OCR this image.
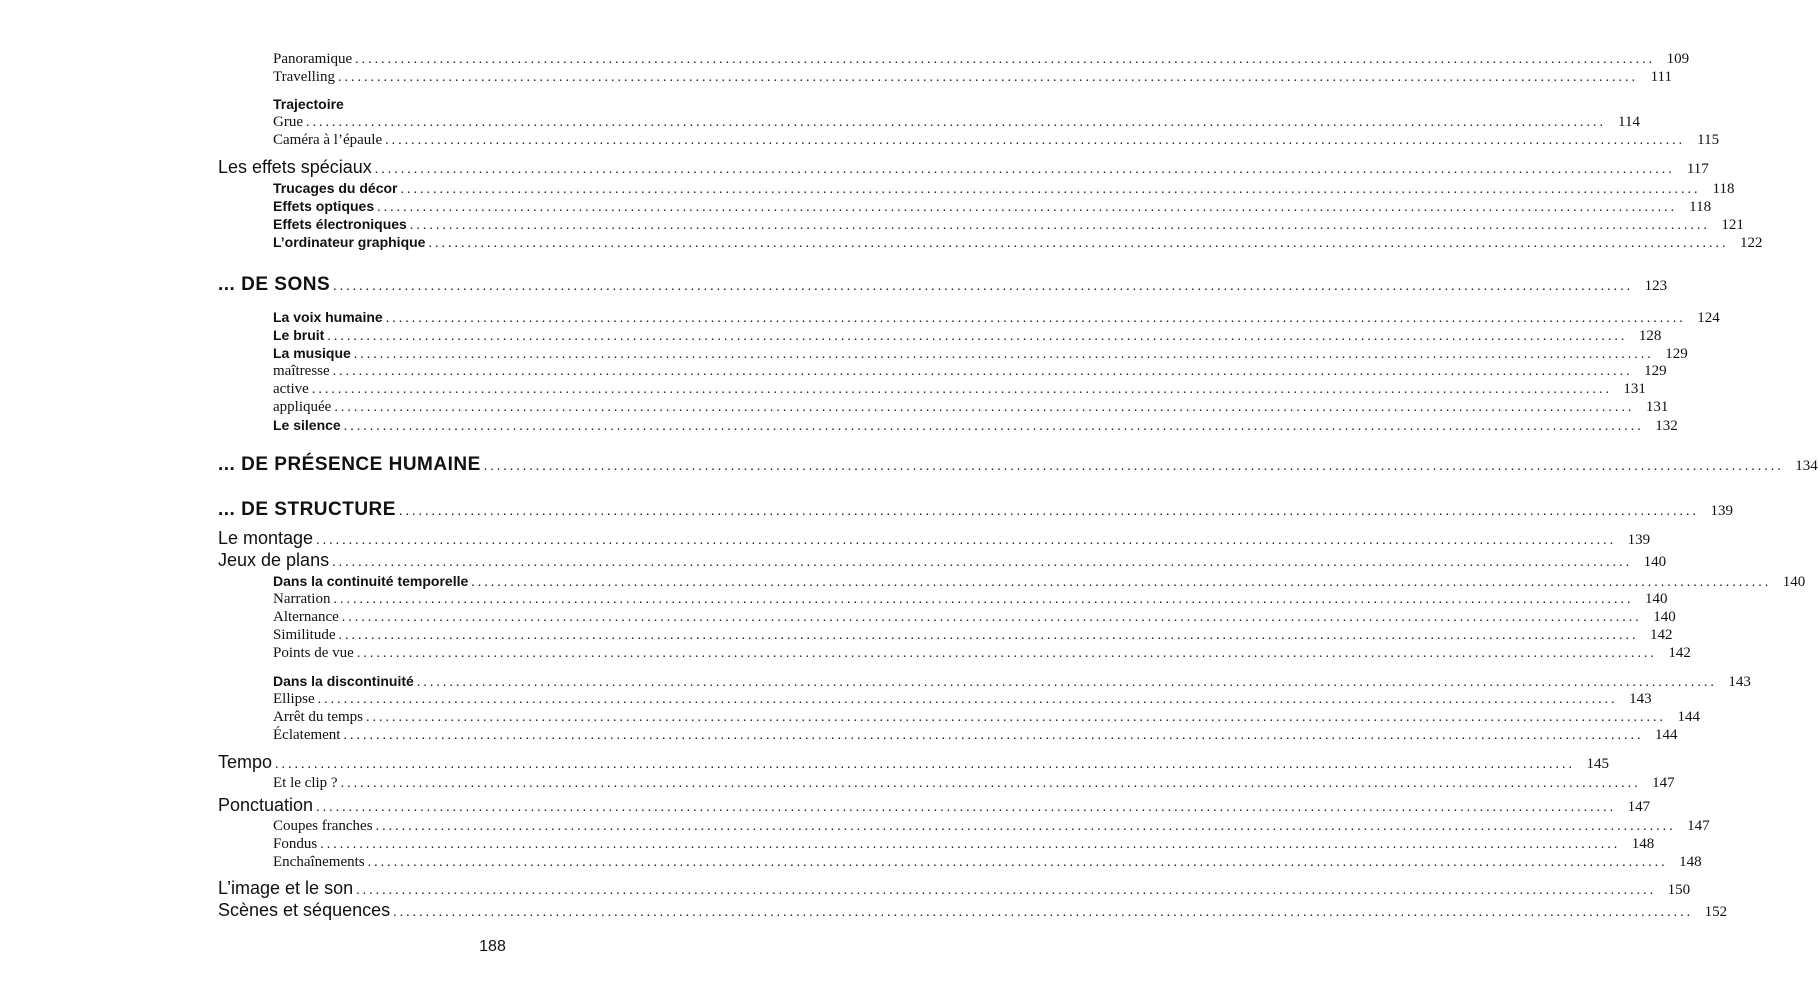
Panoramique ........................................................................................................................................................................................................ 109
Travelling ........................................................................................................................................................................................................ 111
Trajectoire
Grue ........................................................................................................................................................................................................ 114
Caméra à l’épaule ........................................................................................................................................................................................................ 115
Les effets spéciaux ........................................................................................................................................................................................................ 117
Trucages du décor ........................................................................................................................................................................................................ 118
Effets optiques ........................................................................................................................................................................................................ 118
Effets électroniques ........................................................................................................................................................................................................ 121
L’ordinateur graphique ........................................................................................................................................................................................................ 122
... DE SONS ........................................................................................................................................................................................................ 123
La voix humaine ........................................................................................................................................................................................................ 124
Le bruit ........................................................................................................................................................................................................ 128
La musique ........................................................................................................................................................................................................ 129
maîtresse ........................................................................................................................................................................................................ 129
active ........................................................................................................................................................................................................ 131
appliquée ........................................................................................................................................................................................................ 131
Le silence ........................................................................................................................................................................................................ 132
... DE PRÉSENCE HUMAINE ........................................................................................................................................................................................................ 134
... DE STRUCTURE ........................................................................................................................................................................................................ 139
Le montage ........................................................................................................................................................................................................ 139
Jeux de plans ........................................................................................................................................................................................................ 140
Dans la continuité temporelle ........................................................................................................................................................................................................ 140
Narration ........................................................................................................................................................................................................ 140
Alternance ........................................................................................................................................................................................................ 140
Similitude ........................................................................................................................................................................................................ 142
Points de vue ........................................................................................................................................................................................................ 142
Dans la discontinuité ........................................................................................................................................................................................................ 143
Ellipse ........................................................................................................................................................................................................ 143
Arrêt du temps ........................................................................................................................................................................................................ 144
Éclatement ........................................................................................................................................................................................................ 144
Tempo ........................................................................................................................................................................................................ 145
Et le clip ? ........................................................................................................................................................................................................ 147
Ponctuation ........................................................................................................................................................................................................ 147
Coupes franches ........................................................................................................................................................................................................ 147
Fondus ........................................................................................................................................................................................................ 148
Enchaînements ........................................................................................................................................................................................................ 148
L’image et le son ........................................................................................................................................................................................................ 150
Scènes et séquences ........................................................................................................................................................................................................ 152
188
